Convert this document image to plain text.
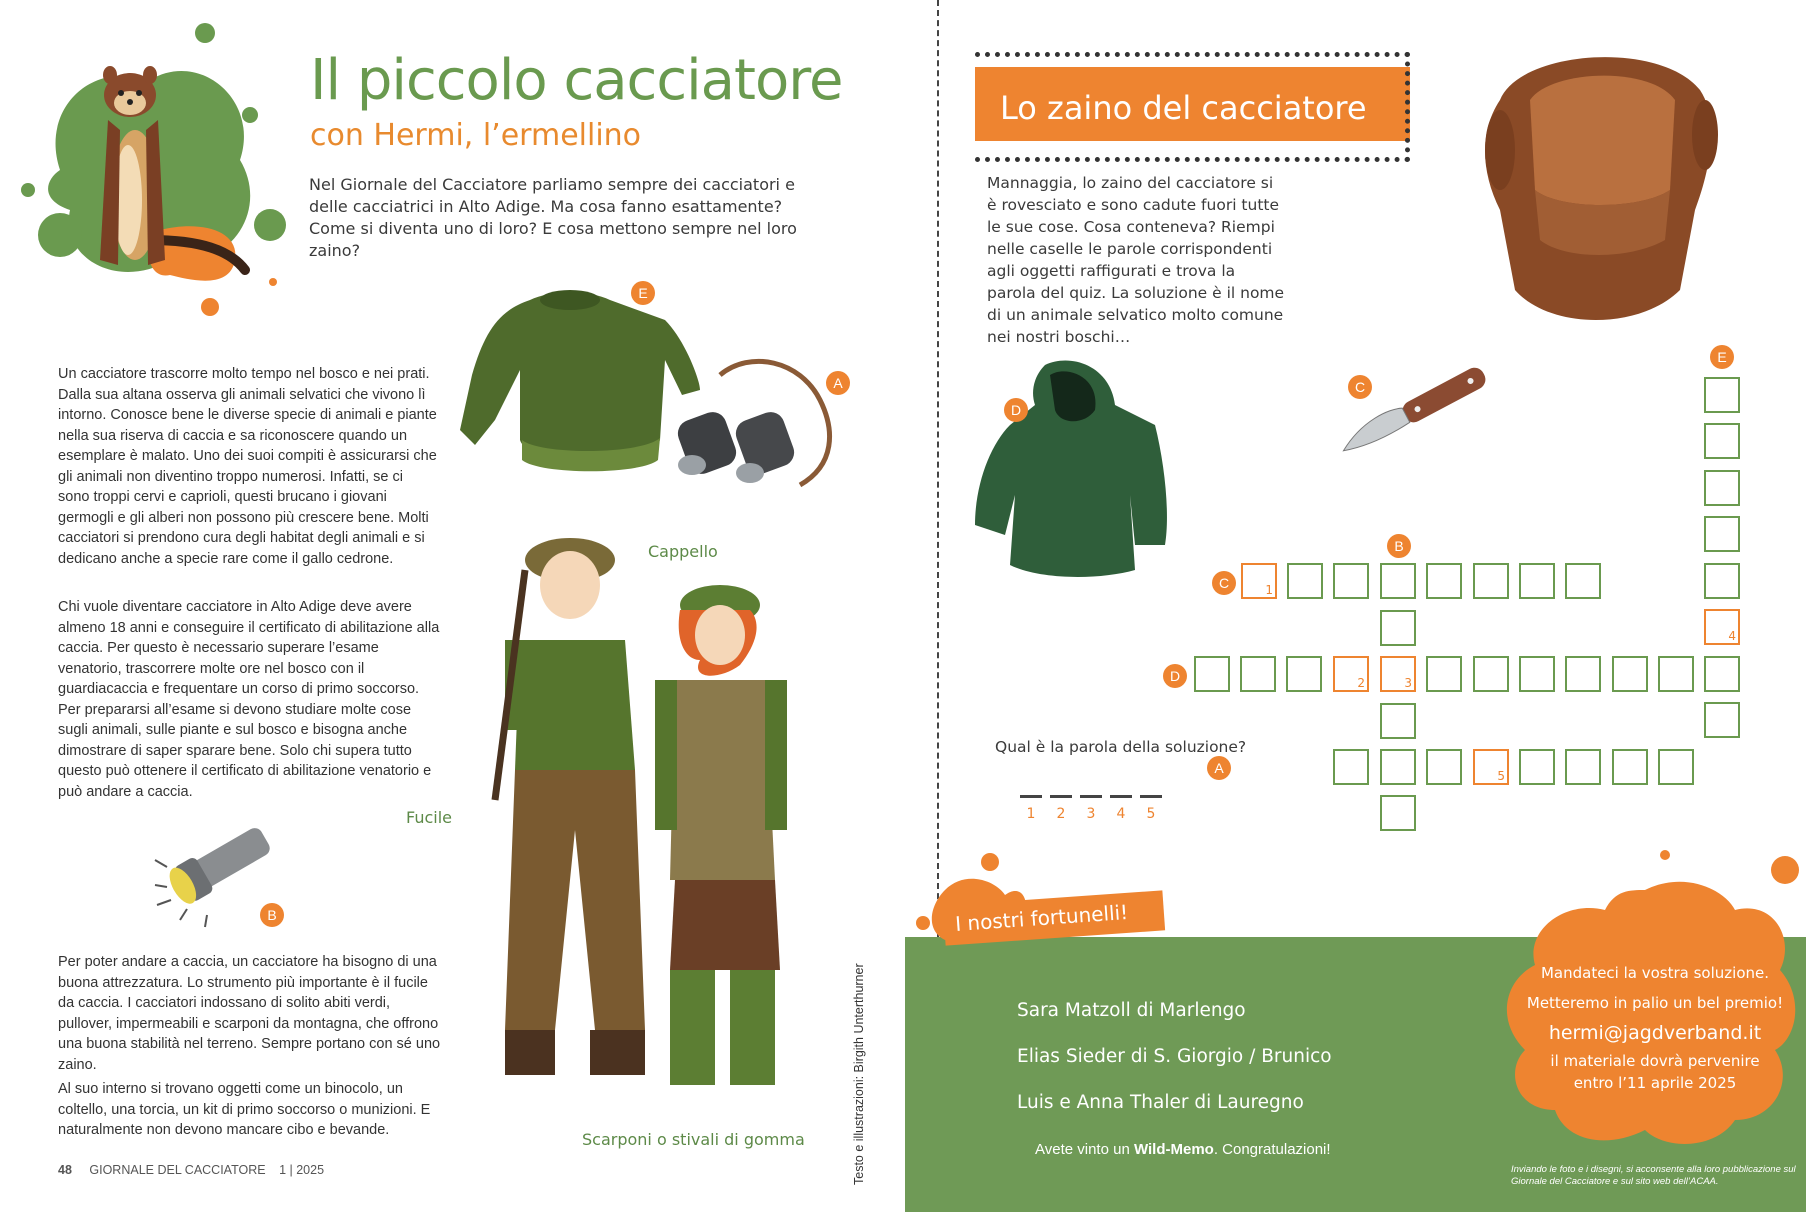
Il piccolo cacciatore
con Hermi, l’ermellino
Nel Giornale del Cacciatore parliamo sempre dei cacciatori e delle cacciatrici in Alto Adige. Ma cosa fanno esattamente? Come si diventa uno di loro? E cosa mettono sempre nel loro zaino?
E
A

Un cacciatore trascorre molto tempo nel bosco e nei prati. Dalla sua altana osserva gli animali selvatici che vivono lì intorno. Conosce bene le diverse specie di animali e piante nella sua riserva di caccia e sa riconoscere quando un esemplare è malato. Uno dei suoi compiti è assicurarsi che gli animali non diventino troppo numerosi. Infatti, se ci sono troppi cervi e caprioli, questi brucano i giovani germogli e gli alberi non possono più crescere bene. Molti cacciatori si prendono cura degli habitat degli animali e si dedicano anche a specie rare come il gallo cedrone.

Chi vuole diventare cacciatore in Alto Adige deve avere almeno 18 anni e conseguire il certificato di abilitazione alla caccia. Per questo è necessario superare l’esame venatorio, trascorrere molte ore nel bosco con il guardiacaccia e frequentare un corso di primo soccorso. Per prepararsi all’esame si devono studiare molte cose sugli animali, sulle piante e sul bosco e bisogna anche dimostrare di saper sparare bene. Solo chi supera tutto questo può ottenere il certificato di abilitazione venatorio e può andare a caccia.

Per poter andare a caccia, un cacciatore ha bisogno di una buona attrezzatura. Lo strumento più importante è il fucile da caccia. I cacciatori indossano di solito abiti verdi, pullover, impermeabili e scarponi da montagna, che offrono una buona stabilità nel terreno. Sempre portano con sé uno zaino.

Al suo interno si trovano oggetti come un binocolo, un coltello, una torcia, un kit di primo soccorso o munizioni. E naturalmente non devono mancare cibo e bevande.

Cappello
Fucile
Scarponi o stivali di gomma
B
48 GIORNALE DEL CACCIATORE 1 | 2025	Testo e illustrazioni: Birgith Unterthurner
Lo zaino del cacciatore
Mannaggia, lo zaino del cacciatore si è rovesciato e sono cadute fuori tutte le sue cose. Cosa conteneva? Riempi nelle caselle le parole corrispondenti agli oggetti raffigurati e trova la parola del quiz. La soluzione è il nome di un animale selvatico molto comune nei nostri boschi…
D
C
C	1
B
D	2	3
A	5
E
4
Qual è la parola della soluzione?
1	2	3	4	5
I nostri fortunelli!
Sara Matzoll di Marlengo
Elias Sieder di S. Giorgio / Brunico
Luis e Anna Thaler di Lauregno
Avete vinto un Wild-Memo. Congratulazioni!
Mandateci la vostra soluzione.
Metteremo in palio un bel premio!
hermi@jagdverband.it
il materiale dovrà pervenire
entro l’11 aprile 2025
Inviando le foto e i disegni, si acconsente alla loro pubblicazione sul Giornale del Cacciatore e sul sito web dell’ACAA.
